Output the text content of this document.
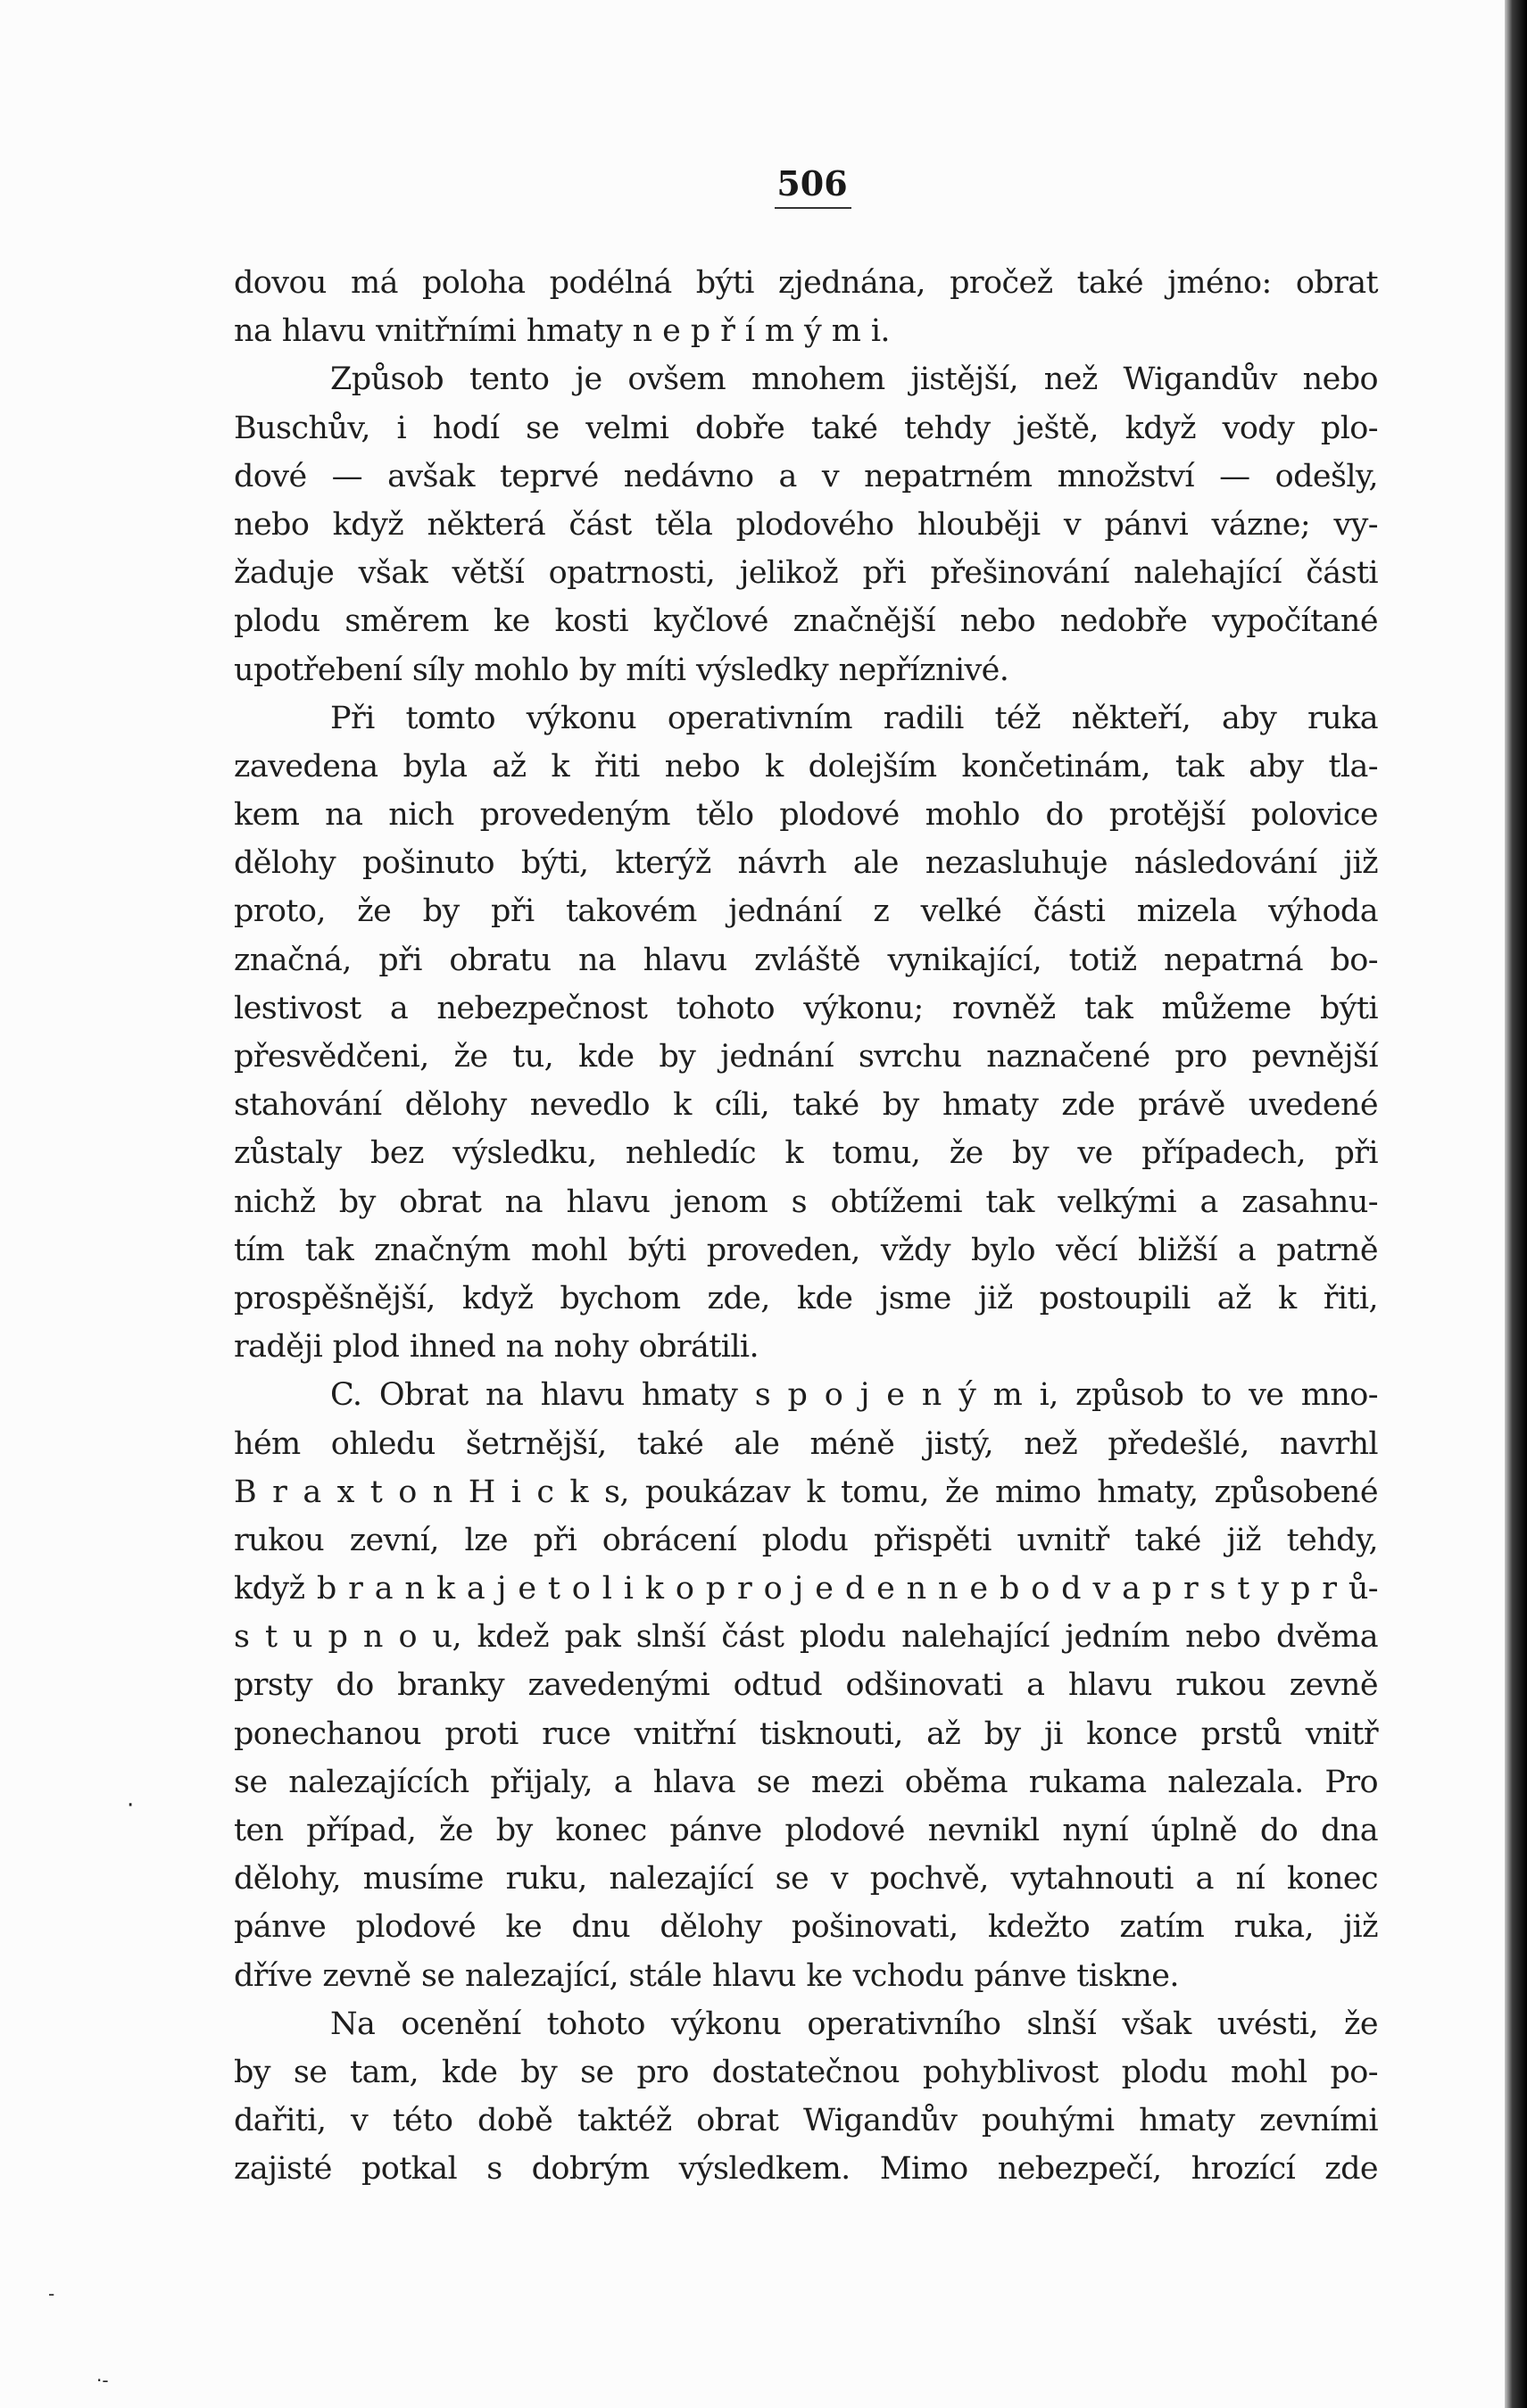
506
dovou má poloha podélná býti zjednána, pročež také jméno: obrat
na hlavu vnitřními hmaty n e p ř í m ý m i.
Způsob tento je ovšem mnohem jistější, než Wigandův nebo
Buschův, i hodí se velmi dobře také tehdy ještě, když vody plo-
dové — avšak teprvé nedávno a v nepatrném množství — odešly,
nebo když některá část těla plodového hlouběji v pánvi vázne; vy-
žaduje však větší opatrnosti, jelikož při přešinování nalehající části
plodu směrem ke kosti kyčlové značnější nebo nedobře vypočítané
upotřebení síly mohlo by míti výsledky nepříznivé.
Při tomto výkonu operativním radili též někteří, aby ruka
zavedena byla až k řiti nebo k dolejším končetinám, tak aby tla-
kem na nich provedeným tělo plodové mohlo do protější polovice
dělohy pošinuto býti, kterýž návrh ale nezasluhuje následování již
proto, že by při takovém jednání z velké části mizela výhoda
značná, při obratu na hlavu zvláště vynikající, totiž nepatrná bo-
lestivost a nebezpečnost tohoto výkonu; rovněž tak můžeme býti
přesvědčeni, že tu, kde by jednání svrchu naznačené pro pevnější
stahování dělohy nevedlo k cíli, také by hmaty zde právě uvedené
zůstaly bez výsledku, nehledíc k tomu, že by ve případech, při
nichž by obrat na hlavu jenom s obtížemi tak velkými a zasahnu-
tím tak značným mohl býti proveden, vždy bylo věcí bližší a patrně
prospěšnější, když bychom zde, kde jsme již postoupili až k řiti,
raději plod ihned na nohy obrátili.
C. Obrat na hlavu hmaty s p o j e n ý m i, způsob to ve mno-
hém ohledu šetrnější, také ale méně jistý, než předešlé, navrhl
B r a x t o n H i c k s, poukázav k tomu, že mimo hmaty, způsobené
rukou zevní, lze při obrácení plodu přispěti uvnitř také již tehdy,
když b r a n k a j e t o l i k o p r o j e d e n n e b o d v a p r s t y p r ů-
s t u p n o u, kdež pak slnší část plodu nalehající jedním nebo dvěma
prsty do branky zavedenými odtud odšinovati a hlavu rukou zevně
ponechanou proti ruce vnitřní tisknouti, až by ji konce prstů vnitř
se nalezajících přijaly, a hlava se mezi oběma rukama nalezala. Pro
ten případ, že by konec pánve plodové nevnikl nyní úplně do dna
dělohy, musíme ruku, nalezající se v pochvě, vytahnouti a ní konec
pánve plodové ke dnu dělohy pošinovati, kdežto zatím ruka, již
dříve zevně se nalezající, stále hlavu ke vchodu pánve tiskne.
Na ocenění tohoto výkonu operativního slnší však uvésti, že
by se tam, kde by se pro dostatečnou pohyblivost plodu mohl po-
dařiti, v této době taktéž obrat Wigandův pouhými hmaty zevními
zajisté potkal s dobrým výsledkem. Mimo nebezpečí, hrozící zde
·
-
·-
